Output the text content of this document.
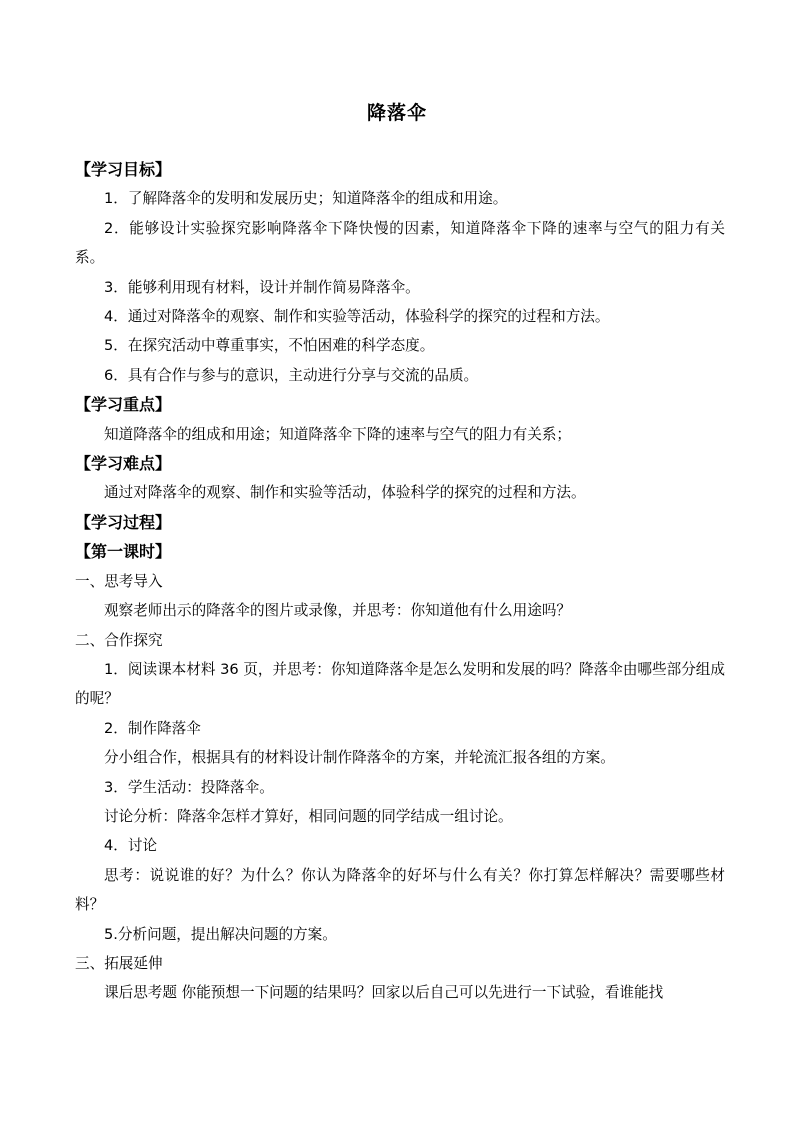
降落伞

【学习目标】

1．了解降落伞的发明和发展历史；知道降落伞的组成和用途。

2．能够设计实验探究影响降落伞下降快慢的因素，知道降落伞下降的速率与空气的阻力有关系。

3．能够利用现有材料，设计并制作简易降落伞。

4．通过对降落伞的观察、制作和实验等活动，体验科学的探究的过程和方法。

5．在探究活动中尊重事实，不怕困难的科学态度。

6．具有合作与参与的意识，主动进行分享与交流的品质。

【学习重点】

知道降落伞的组成和用途；知道降落伞下降的速率与空气的阻力有关系；

【学习难点】

通过对降落伞的观察、制作和实验等活动，体验科学的探究的过程和方法。

【学习过程】

【第一课时】

一、思考导入

观察老师出示的降落伞的图片或录像，并思考：你知道他有什么用途吗？

二、合作探究

1．阅读课本材料 36 页，并思考：你知道降落伞是怎么发明和发展的吗？降落伞由哪些部分组成的呢？

2．制作降落伞

分小组合作，根据具有的材料设计制作降落伞的方案，并轮流汇报各组的方案。

3．学生活动：投降落伞。

讨论分析：降落伞怎样才算好，相同问题的同学结成一组讨论。

4．讨论

思考：说说谁的好？为什么？你认为降落伞的好坏与什么有关？你打算怎样解决？需要哪些材料？

5.分析问题，提出解决问题的方案。

三、拓展延伸

课后思考题 你能预想一下问题的结果吗？回家以后自己可以先进行一下试验，看谁能找
